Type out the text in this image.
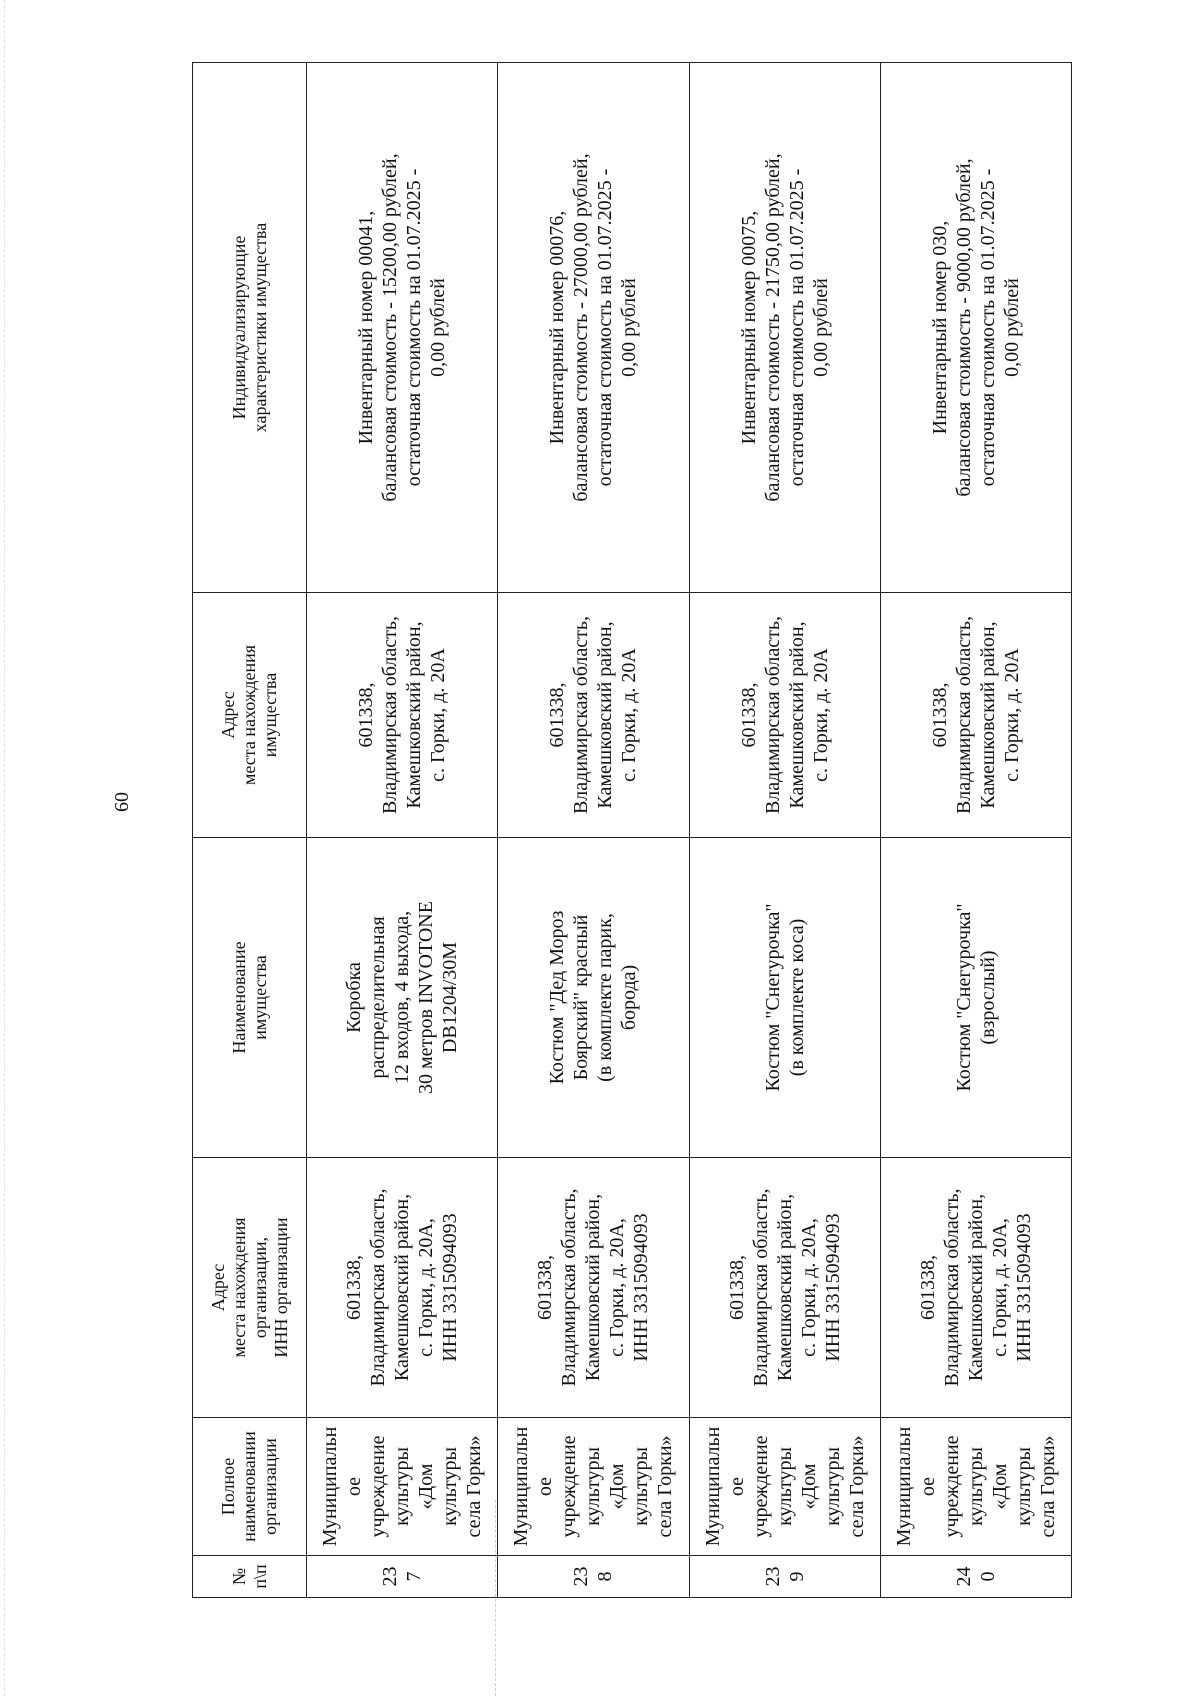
60
№
п\п	Полное
наименовании
организации	Адрес
места нахождения
организации,
ИНН организации	Наименование
имущества	Адрес
места нахождения
имущества	Индивидуализирующие
характеристики имущества
237	Муниципальное
учреждение
культуры
«Дом культуры
села Горки»	601338,
Владимирская область,
Камешковский район,
с. Горки, д. 20А,
ИНН 3315094093	Коробка
распределительная
12 входов, 4 выхода,
30 метров INVOTONE
DB1204/30M	601338,
Владимирская область,
Камешковский район,
с. Горки, д. 20А	Инвентарный номер 00041,
балансовая стоимость - 15200,00 рублей,
остаточная стоимость на 01.07.2025 -
0,00 рублей
238	Муниципальное
учреждение
культуры
«Дом культуры
села Горки»	601338,
Владимирская область,
Камешковский район,
с. Горки, д. 20А,
ИНН 3315094093	Костюм "Дед Мороз
Боярский" красный
(в комплекте парик,
борода)	601338,
Владимирская область,
Камешковский район,
с. Горки, д. 20А	Инвентарный номер 00076,
балансовая стоимость - 27000,00 рублей,
остаточная стоимость на 01.07.2025 -
0,00 рублей
239	Муниципальное
учреждение
культуры
«Дом культуры
села Горки»	601338,
Владимирская область,
Камешковский район,
с. Горки, д. 20А,
ИНН 3315094093	Костюм "Снегурочка"
(в комплекте коса)	601338,
Владимирская область,
Камешковский район,
с. Горки, д. 20А	Инвентарный номер 00075,
балансовая стоимость - 21750,00 рублей,
остаточная стоимость на 01.07.2025 -
0,00 рублей
240	Муниципальное
учреждение
культуры
«Дом культуры
села Горки»	601338,
Владимирская область,
Камешковский район,
с. Горки, д. 20А,
ИНН 3315094093	Костюм "Снегурочка"
(взрослый)	601338,
Владимирская область,
Камешковский район,
с. Горки, д. 20А	Инвентарный номер 030,
балансовая стоимость - 9000,00 рублей,
остаточная стоимость на 01.07.2025 -
0,00 рублей
